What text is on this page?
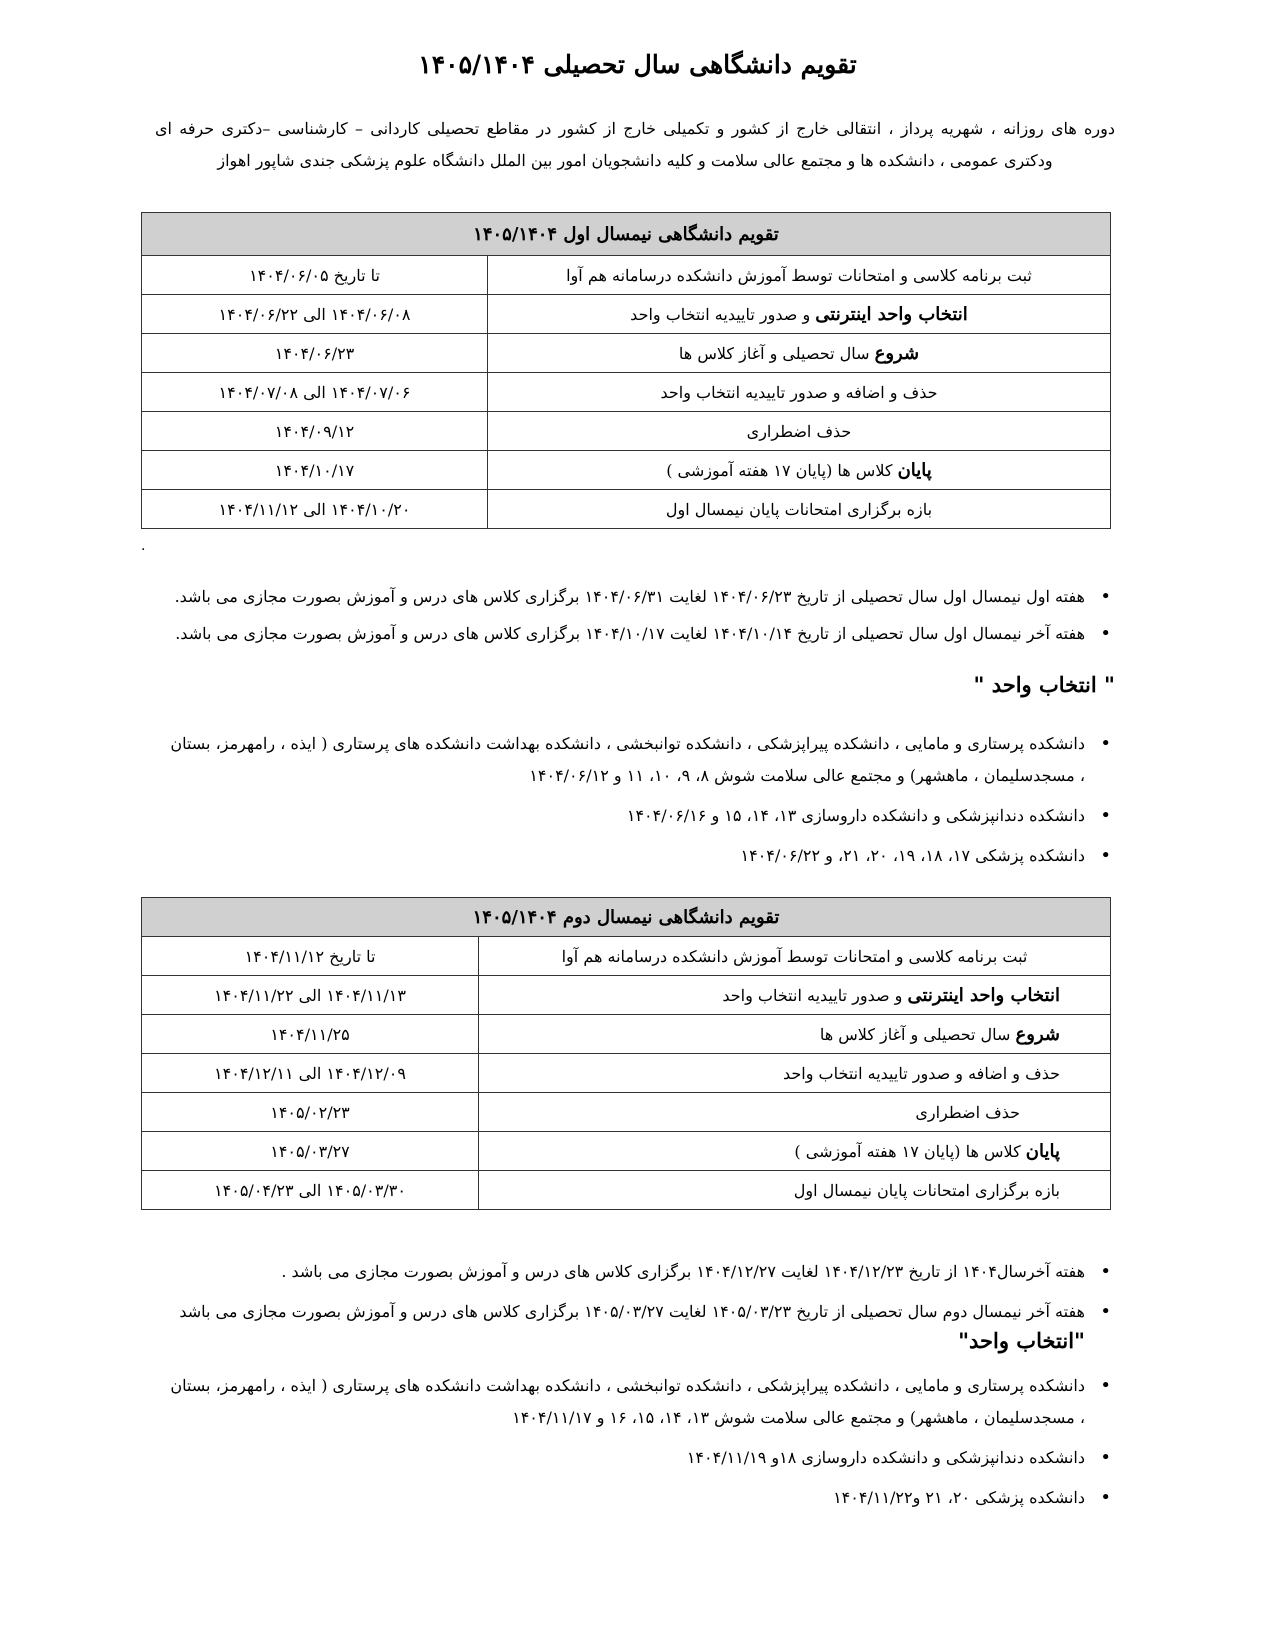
تقویم دانشگاهی سال تحصیلی ۱۴۰۵/۱۴۰۴
دوره های روزانه ، شهریه پرداز ، انتقالی خارج از کشور و تکمیلی خارج از کشور در مقاطع تحصیلی کاردانی – کارشناسی –دکتری حرفه ای ودکتری عمومی ، دانشکده ها و مجتمع عالی سلامت و کلیه دانشجویان امور بین الملل دانشگاه علوم پزشکی جندی شاپور اهواز
تقویم دانشگاهی نیمسال اول ۱۴۰۵/۱۴۰۴	
ثبت برنامه کلاسی و امتحانات توسط آموزش دانشکده درسامانه هم آوا	تا تاریخ ۱۴۰۴/۰۶/۰۵
انتخاب واحد اینترنتی و صدور تاییدیه انتخاب واحد	۱۴۰۴/۰۶/۰۸ الی ۱۴۰۴/۰۶/۲۲
شروع سال تحصیلی و آغاز کلاس ها	۱۴۰۴/۰۶/۲۳
حذف و اضافه و صدور تاییدیه انتخاب واحد	۱۴۰۴/۰۷/۰۶ الی ۱۴۰۴/۰۷/۰۸
حذف اضطراری	۱۴۰۴/۰۹/۱۲
پایان کلاس ها (پایان ۱۷ هفته آموزشی )	۱۴۰۴/۱۰/۱۷
بازه برگزاری امتحانات پایان نیمسال اول	۱۴۰۴/۱۰/۲۰ الی ۱۴۰۴/۱۱/۱۲
.
• هفته اول نیمسال اول سال تحصیلی از تاریخ ۱۴۰۴/۰۶/۲۳ لغایت ۱۴۰۴/۰۶/۳۱ برگزاری کلاس های درس و آموزش بصورت مجازی می باشد.
• هفته آخر نیمسال اول سال تحصیلی از تاریخ ۱۴۰۴/۱۰/۱۴ لغایت ۱۴۰۴/۱۰/۱۷ برگزاری کلاس های درس و آموزش بصورت مجازی می باشد.
" انتخاب واحد "
• دانشکده پرستاری و مامایی ، دانشکده پیراپزشکی ، دانشکده توانبخشی ، دانشکده بهداشت دانشکده های پرستاری ( ایذه ، رامهرمز، بستان ، مسجدسلیمان ، ماهشهر) و مجتمع عالی سلامت شوش ۸، ۹، ۱۰، ۱۱ و ۱۴۰۴/۰۶/۱۲
• دانشکده دندانپزشکی و دانشکده داروسازی ۱۳، ۱۴، ۱۵ و ۱۴۰۴/۰۶/۱۶
• دانشکده پزشکی ۱۷، ۱۸، ۱۹، ۲۰، ۲۱، و ۱۴۰۴/۰۶/۲۲
تقویم دانشگاهی نیمسال دوم ۱۴۰۵/۱۴۰۴	
ثبت برنامه کلاسی و امتحانات توسط آموزش دانشکده درسامانه هم آوا	تا تاریخ ۱۴۰۴/۱۱/۱۲
انتخاب واحد اینترنتی و صدور تاییدیه انتخاب واحد	۱۴۰۴/۱۱/۱۳ الی ۱۴۰۴/۱۱/۲۲
شروع سال تحصیلی و آغاز کلاس ها	۱۴۰۴/۱۱/۲۵
حذف و اضافه و صدور تاییدیه انتخاب واحد	۱۴۰۴/۱۲/۰۹ الی ۱۴۰۴/۱۲/۱۱
حذف اضطراری	۱۴۰۵/۰۲/۲۳
پایان کلاس ها (پایان ۱۷ هفته آموزشی )	۱۴۰۵/۰۳/۲۷
بازه برگزاری امتحانات پایان نیمسال اول	۱۴۰۵/۰۳/۳۰ الی ۱۴۰۵/۰۴/۲۳
• هفته آخرسال۱۴۰۴ از تاریخ ۱۴۰۴/۱۲/۲۳ لغایت ۱۴۰۴/۱۲/۲۷ برگزاری کلاس های درس و آموزش بصورت مجازی می باشد .
• هفته آخر نیمسال دوم سال تحصیلی از تاریخ ۱۴۰۵/۰۳/۲۳ لغایت ۱۴۰۵/۰۳/۲۷ برگزاری کلاس های درس و آموزش بصورت مجازی می باشد
"انتخاب واحد"
• دانشکده پرستاری و مامایی ، دانشکده پیراپزشکی ، دانشکده توانبخشی ، دانشکده بهداشت دانشکده های پرستاری ( ایذه ، رامهرمز، بستان ، مسجدسلیمان ، ماهشهر) و مجتمع عالی سلامت شوش ۱۳، ۱۴، ۱۵، ۱۶ و ۱۴۰۴/۱۱/۱۷
• دانشکده دندانپزشکی و دانشکده داروسازی ۱۸و ۱۴۰۴/۱۱/۱۹
• دانشکده پزشکی ۲۰، ۲۱ و۱۴۰۴/۱۱/۲۲
